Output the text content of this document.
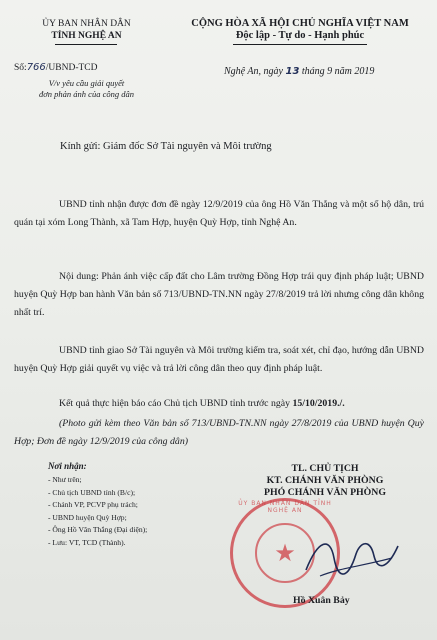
ỦY BAN NHÂN DÂN
TỈNH NGHỆ AN
Số:766/UBND-TCD
V/v yêu cầu giải quyết
đơn phản ánh của công dân
CỘNG HÒA XÃ HỘI CHỦ NGHĨA VIỆT NAM
Độc lập - Tự do - Hạnh phúc
Nghệ An, ngày 13 tháng 9 năm 2019
Kính gửi: Giám đốc Sở Tài nguyên và Môi trường

UBND tỉnh nhận được đơn đề ngày 12/9/2019 của ông Hồ Văn Thắng và một số hộ dân, trú quán tại xóm Long Thành, xã Tam Hợp, huyện Quỳ Hợp, tỉnh Nghệ An.

Nội dung: Phản ánh việc cấp đất cho Lâm trường Đồng Hợp trái quy định pháp luật; UBND huyện Quỳ Hợp ban hành Văn bản số 713/UBND-TN.NN ngày 27/8/2019 trả lời nhưng công dân không nhất trí.

UBND tỉnh giao Sở Tài nguyên và Môi trường kiểm tra, soát xét, chỉ đạo, hướng dẫn UBND huyện Quỳ Hợp giải quyết vụ việc và trả lời công dân theo quy định pháp luật.

Kết quả thực hiện báo cáo Chủ tịch UBND tỉnh trước ngày 15/10/2019./.

(Photo gửi kèm theo Văn bản số 713/UBND-TN.NN ngày 27/8/2019 của UBND huyện Quỳ Hợp; Đơn đề ngày 12/9/2019 của công dân)

Nơi nhận:
- Như trên;
- Chủ tịch UBND tỉnh (B/c);
- Chánh VP, PCVP phụ trách;
- UBND huyện Quỳ Hợp;
- Ông Hồ Văn Thắng (Đại diện);
- Lưu: VT, TCD (Thành).
TL. CHỦ TỊCH
KT. CHÁNH VĂN PHÒNG
PHÓ CHÁNH VĂN PHÒNG
ỦY BAN NHÂN DÂN TỈNH NGHỆ AN
★
Hồ Xuân Bảy
